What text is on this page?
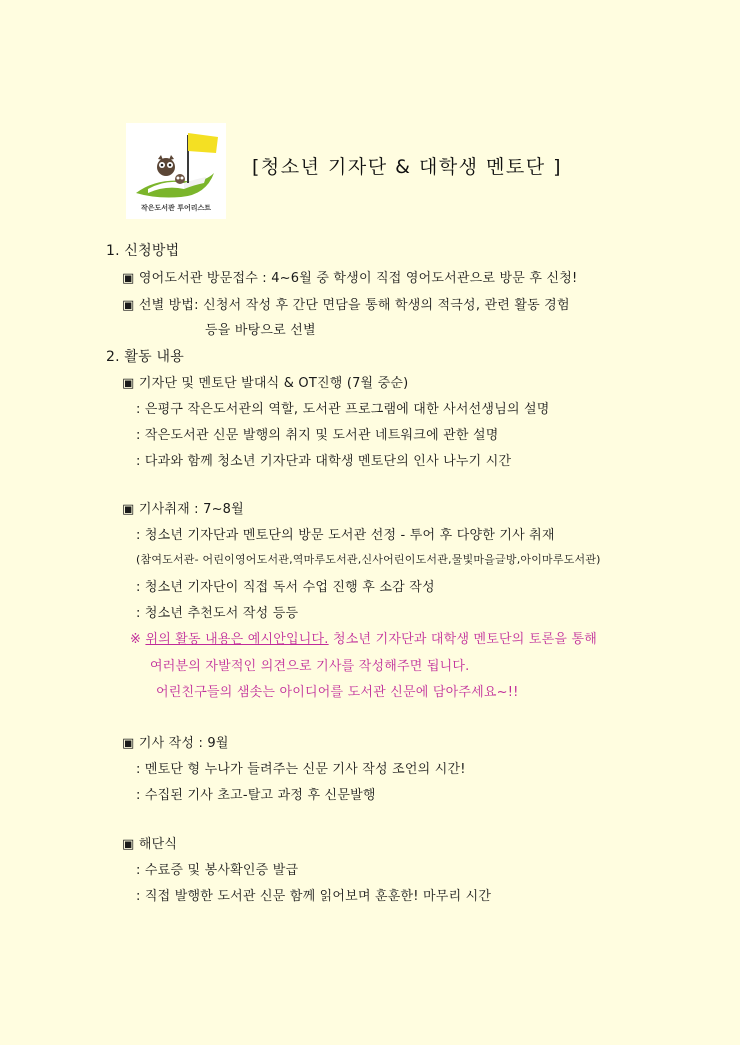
작은도서관 투어리스트
[청소년 기자단 & 대학생 멘토단 ]
1. 신청방법
▣ 영어도서관 방문접수 : 4~6월 중 학생이 직접 영어도서관으로 방문 후 신청!
▣ 선별 방법: 신청서 작성 후 간단 면담을 통해 학생의 적극성, 관련 활동 경험
등을 바탕으로 선별
2. 활동 내용
▣ 기자단 및 멘토단 발대식 & OT진행 (7월 중순)
: 은평구 작은도서관의 역할, 도서관 프로그램에 대한 사서선생님의 설명
: 작은도서관 신문 발행의 취지 및 도서관 네트워크에 관한 설명
: 다과와 함께 청소년 기자단과 대학생 멘토단의 인사 나누기 시간
▣ 기사취재 : 7~8월
: 청소년 기자단과 멘토단의 방문 도서관 선정 - 투어 후 다양한 기사 취재
(참여도서관- 어린이영어도서관,역마루도서관,신사어린이도서관,물빛마을글방,아이마루도서관)
: 청소년 기자단이 직접 독서 수업 진행 후 소감 작성
: 청소년 추천도서 작성 등등
※ 위의 활동 내용은 예시안입니다. 청소년 기자단과 대학생 멘토단의 토론을 통해
여러분의 자발적인 의견으로 기사를 작성해주면 됩니다.
어린친구들의 샘솟는 아이디어를 도서관 신문에 담아주세요~!!
▣ 기사 작성 : 9월
: 멘토단 형 누나가 들려주는 신문 기사 작성 조언의 시간!
: 수집된 기사 초고-탈고 과정 후 신문발행
▣ 해단식
: 수료증 및 봉사확인증 발급
: 직접 발행한 도서관 신문 함께 읽어보며 훈훈한! 마무리 시간
